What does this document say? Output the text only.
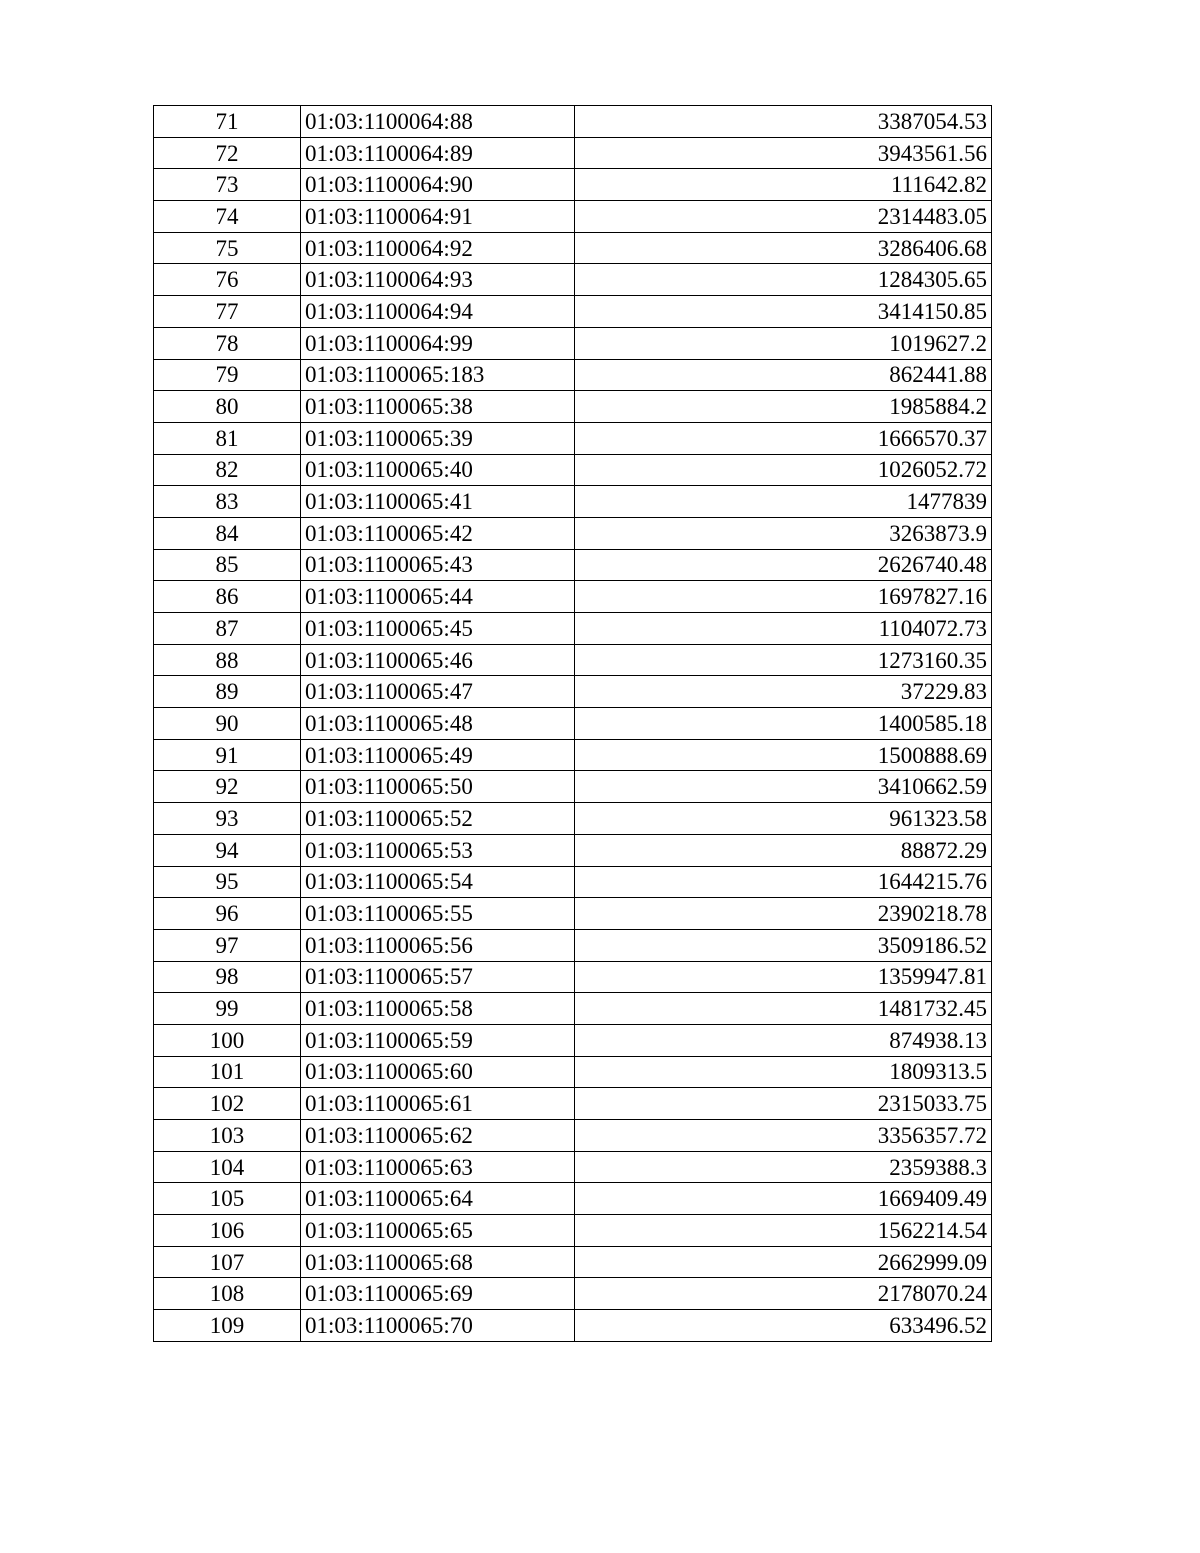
71	01:03:1100064:88	3387054.53
72	01:03:1100064:89	3943561.56
73	01:03:1100064:90	111642.82
74	01:03:1100064:91	2314483.05
75	01:03:1100064:92	3286406.68
76	01:03:1100064:93	1284305.65
77	01:03:1100064:94	3414150.85
78	01:03:1100064:99	1019627.2
79	01:03:1100065:183	862441.88
80	01:03:1100065:38	1985884.2
81	01:03:1100065:39	1666570.37
82	01:03:1100065:40	1026052.72
83	01:03:1100065:41	1477839
84	01:03:1100065:42	3263873.9
85	01:03:1100065:43	2626740.48
86	01:03:1100065:44	1697827.16
87	01:03:1100065:45	1104072.73
88	01:03:1100065:46	1273160.35
89	01:03:1100065:47	37229.83
90	01:03:1100065:48	1400585.18
91	01:03:1100065:49	1500888.69
92	01:03:1100065:50	3410662.59
93	01:03:1100065:52	961323.58
94	01:03:1100065:53	88872.29
95	01:03:1100065:54	1644215.76
96	01:03:1100065:55	2390218.78
97	01:03:1100065:56	3509186.52
98	01:03:1100065:57	1359947.81
99	01:03:1100065:58	1481732.45
100	01:03:1100065:59	874938.13
101	01:03:1100065:60	1809313.5
102	01:03:1100065:61	2315033.75
103	01:03:1100065:62	3356357.72
104	01:03:1100065:63	2359388.3
105	01:03:1100065:64	1669409.49
106	01:03:1100065:65	1562214.54
107	01:03:1100065:68	2662999.09
108	01:03:1100065:69	2178070.24
109	01:03:1100065:70	633496.52
